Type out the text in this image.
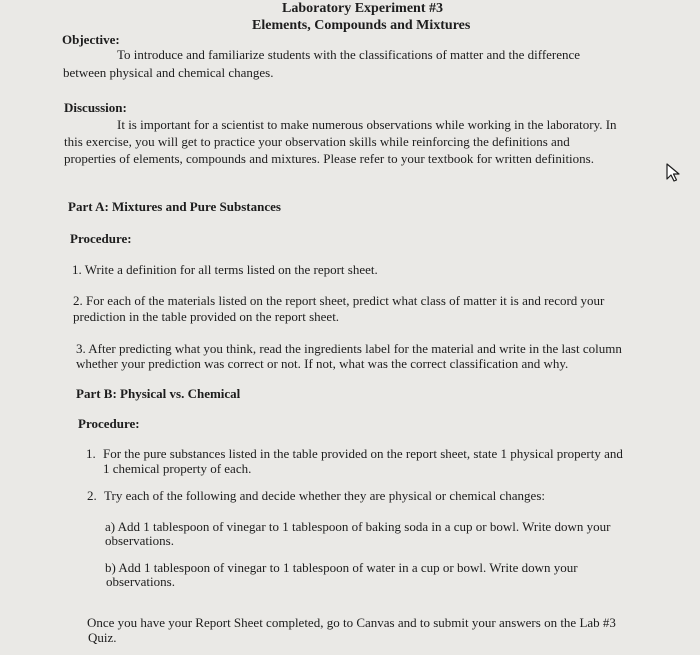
Laboratory Experiment #3
Elements, Compounds and Mixtures
Objective:
To introduce and familiarize students with the classifications of matter and the difference
between physical and chemical changes.
Discussion:
It is important for a scientist to make numerous observations while working in the laboratory. In
this exercise, you will get to practice your observation skills while reinforcing the definitions and
properties of elements, compounds and mixtures. Please refer to your textbook for written definitions.
Part A: Mixtures and Pure Substances
Procedure:
1. Write a definition for all terms listed on the report sheet.
2. For each of the materials listed on the report sheet, predict what class of matter it is and record your
prediction in the table provided on the report sheet.
3. After predicting what you think, read the ingredients label for the material and write in the last column
whether your prediction was correct or not. If not, what was the correct classification and why.
Part B: Physical vs. Chemical
Procedure:
1. For the pure substances listed in the table provided on the report sheet, state 1 physical property and
1 chemical property of each.
2. Try each of the following and decide whether they are physical or chemical changes:
a) Add 1 tablespoon of vinegar to 1 tablespoon of baking soda in a cup or bowl. Write down your
observations.
b) Add 1 tablespoon of vinegar to 1 tablespoon of water in a cup or bowl. Write down your
observations.
Once you have your Report Sheet completed, go to Canvas and to submit your answers on the Lab #3
Quiz.
